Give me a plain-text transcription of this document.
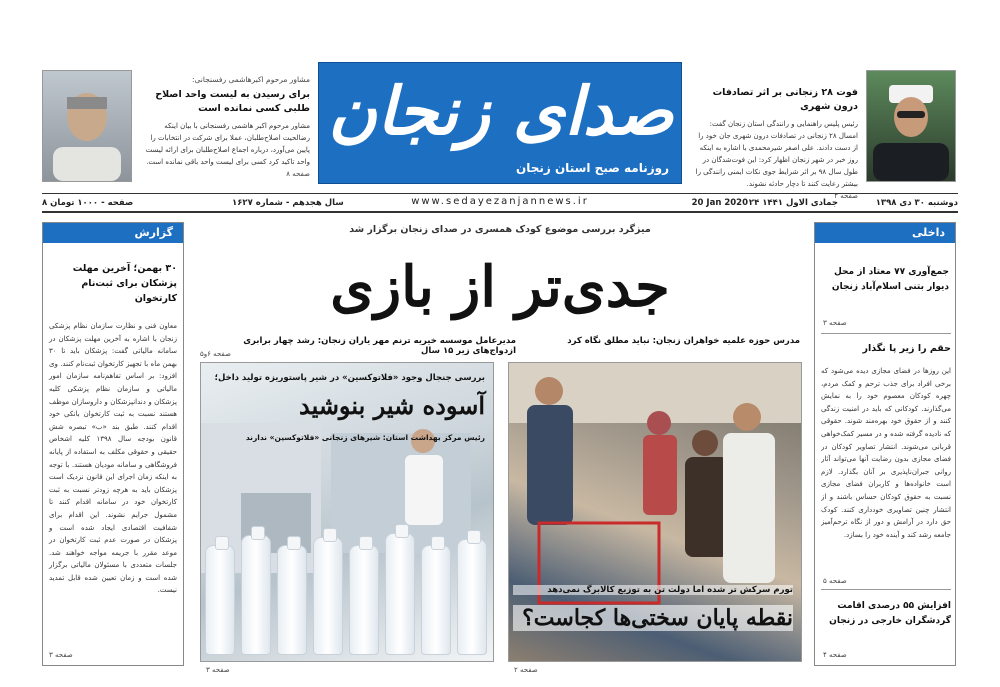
صدای زنجان
روزنامه صبح استان زنجان
www.sedayezanjannews.ir
مشاور مرحوم اکبرهاشمی رفسنجانی:
برای رسیدن به لیست واحد اصلاح طلبی کسی نمانده است
مشاور مرحوم اکبر هاشمی رفسنجانی با بیان اینکه رضالحیت اصلاح‌طلبان، عملا برای شرکت در انتخابات را پایین می‌آورد، درباره اجماع اصلاح‌طلبان برای ارائه لیست واحد تاکید کرد کسی برای لیست واحد باقی نمانده است.
صفحه ۸
فوت ۲۸ زنجانی بر اثر تصادفات درون شهری
رئیس پلیس راهنمایی و رانندگی استان زنجان گفت: امسال ۲۸ زنجانی در تصادفات درون شهری جان خود را از دست دادند. علی اصغر شیرمحمدی با اشاره به اینکه روز خبر در شهر زنجان اظهار کرد: این فوت‌شدگان در طول سال ۹۸ بر اثر شرایط جوی نکات ایمنی رانندگی را بیشتر رعایت کنند تا دچار حادثه نشوند.
صفحه ۲
دوشنبه ۳۰ دی ۱۳۹۸
۲۴ جمادی الاول ۱۴۴۱
20 Jan 2020
سال هجدهم - شماره ۱۶۲۷
۸ صفحه - ۱۰۰۰ تومان
گزارش
۳۰ بهمن؛ آخرین مهلت پزشکان برای ثبت‌نام کارتخوان
معاون فنی و نظارت سازمان نظام پزشکی زنجان با اشاره به آخرین مهلت پزشکان در سامانه مالیاتی گفت: پزشکان باید تا ۳۰ بهمن ماه با تجهیز کارتخوان ثبت‌نام کنند. وی افزود: بر اساس تفاهم‌نامه سازمان امور مالیاتی و سازمان نظام پزشکی کلیه پزشکان و دندانپزشکان و داروسازان موظف هستند نسبت به ثبت کارتخوان بانکی خود اقدام کنند. طبق بند «ب» تبصره شش قانون بودجه سال ۱۳۹۸ کلیه اشخاص حقیقی و حقوقی مکلف به استفاده از پایانه فروشگاهی و سامانه مودیان هستند. با توجه به اینکه زمان اجرای این قانون نزدیک است پزشکان باید به هرچه زودتر نسبت به ثبت کارتخوان خود در سامانه اقدام کنند تا مشمول جرایم نشوند. این اقدام برای شفافیت اقتصادی ایجاد شده است و پزشکان در صورت عدم ثبت کارتخوان در موعد مقرر با جریمه مواجه خواهند شد. جلسات متعددی با مسئولان مالیاتی برگزار شده است و زمان تعیین شده قابل تمدید نیست.
صفحه ۳
داخلی
جمع‌آوری ۷۷ معتاد از محل دیوار بتنی اسلام‌آباد زنجان
صفحه ۳
حقم را زیر پا نگذار
این روزها در فضای مجازی دیده می‌شود که برخی افراد برای جذب ترحم و کمک مردم، چهره کودکان معصوم خود را به نمایش می‌گذارند. کودکانی که باید در امنیت زندگی کنند و از حقوق خود بهره‌مند شوند. حقوقی که نادیده گرفته شده و در مسیر کمک‌خواهی قربانی می‌شوند. انتشار تصاویر کودکان در فضای مجازی بدون رضایت آنها می‌تواند آثار روانی جبران‌ناپذیری بر آنان بگذارد. لازم است خانواده‌ها و کاربران فضای مجازی نسبت به حقوق کودکان حساس باشند و از انتشار چنین تصاویری خودداری کنند. کودک حق دارد در آرامش و دور از نگاه ترحم‌آمیز جامعه رشد کند و آینده خود را بسازد.
صفحه ۵
افزایش ۵۵ درصدی اقامت گردشگران خارجی در زنجان
صفحه ۴
میزگرد بررسی موضوع کودک همسری در صدای زنجان برگزار شد
جدی‌تر از بازی
مدرس حوزه علمیه خواهران زنجان: نباید مطلق نگاه کرد
مدیرعامل موسسه خیریه ترنم مهر یاران زنجان: رشد چهار برابری ازدواج‌های زیر ۱۵ سال
صفحه ۶و۵
بررسی جنجال وجود «فلاتوکسین» در شیر پاستوریزه تولید داخل؛
آسوده شیر بنوشید
رئیس مرکز بهداشت استان: شیرهای زنجانی «فلاتوکسین» ندارند
صفحه ۳
تورم سرکش تر شده اما دولت تن به توزیع کالابرگ نمی‌دهد
نقطه پایان سختی‌ها کجاست؟
صفحه ۲
